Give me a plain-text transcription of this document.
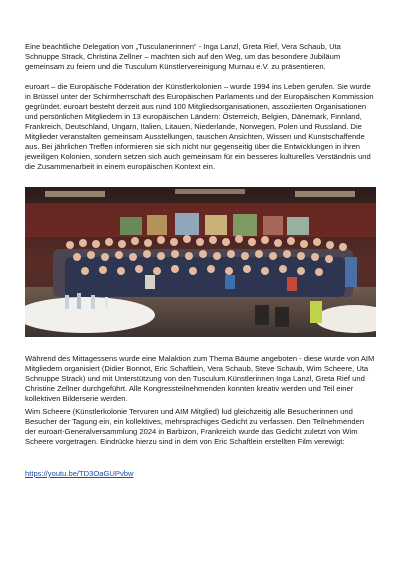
Eine beachtliche Delegation von „Tusculanerinnen“ - Inga Lanzl, Greta Rief, Vera Schaub, Uta Schnuppe Strack, Christina Zellner – machten sich auf den Weg, um das besondere Jubiläum gemeinsam zu feiern und die Tusculum Künstlervereinigung Murnau e.V. zu präsentieren.

euroart – die Europäische Föderation der Künstlerkolonien – wurde 1994 ins Leben gerufen. Sie wurde in Brüssel unter der Schirmherrschaft des Europäischen Parlaments und der Europäischen Kommission gegründet. euroart besteht derzeit aus rund 100 Mitgliedsorganisationen, assoziierten Organisationen und persönlichen Mitgliedern in 13 europäischen Ländern: Österreich, Belgien, Dänemark, Finnland, Frankreich, Deutschland, Ungarn, Italien, Litauen, Niederlande, Norwegen, Polen und Russland. Die Mitglieder veranstalten gemeinsam Ausstellungen, tauschen Ansichten, Wissen und Kunstschaffende aus. Bei jährlichen Treffen informieren sie sich nicht nur gegenseitig über die Entwicklungen in ihren jeweiligen Kolonien, sondern setzen sich auch gemeinsam für ein besseres kulturelles Verständnis und die Zusammenarbeit in einem europäischen Kontext ein.

Während des Mittagessens wurde eine Malaktion zum Thema Bäume angeboten - diese wurde von AIM Mitgliedern organisiert (Didier Bonnot, Eric Schaftlein, Vera Schaub, Steve Schaub, Wim Scheere, Uta Schnuppe Strack) und mit Unterstützung von den Tusculum Künstlerinnen Inga Lanzl, Greta Rief und Christine Zellner durchgeführt. Alle Kongressteilnehmenden konnten kreativ werden und Teil einer kollektiven Bilderserie werden.

Wim Scheere (Künstlerkolonie Tervuren und AIM Mitglied) lud gleichzeitig alle Besucherinnen und Besucher der Tagung ein, ein kollektives, mehrsprachiges Gedicht zu verfassen. Den Teilnehmenden der euroart-Generalversammlung 2024 in Barbizon, Frankreich wurde das Gedicht zuletzt von Wim Scheere vorgetragen. Eindrücke hierzu sind in dem von Eric Schaftlein erstellten Film verewigt:

https://youtu.be/TD3OaGUPvbw
